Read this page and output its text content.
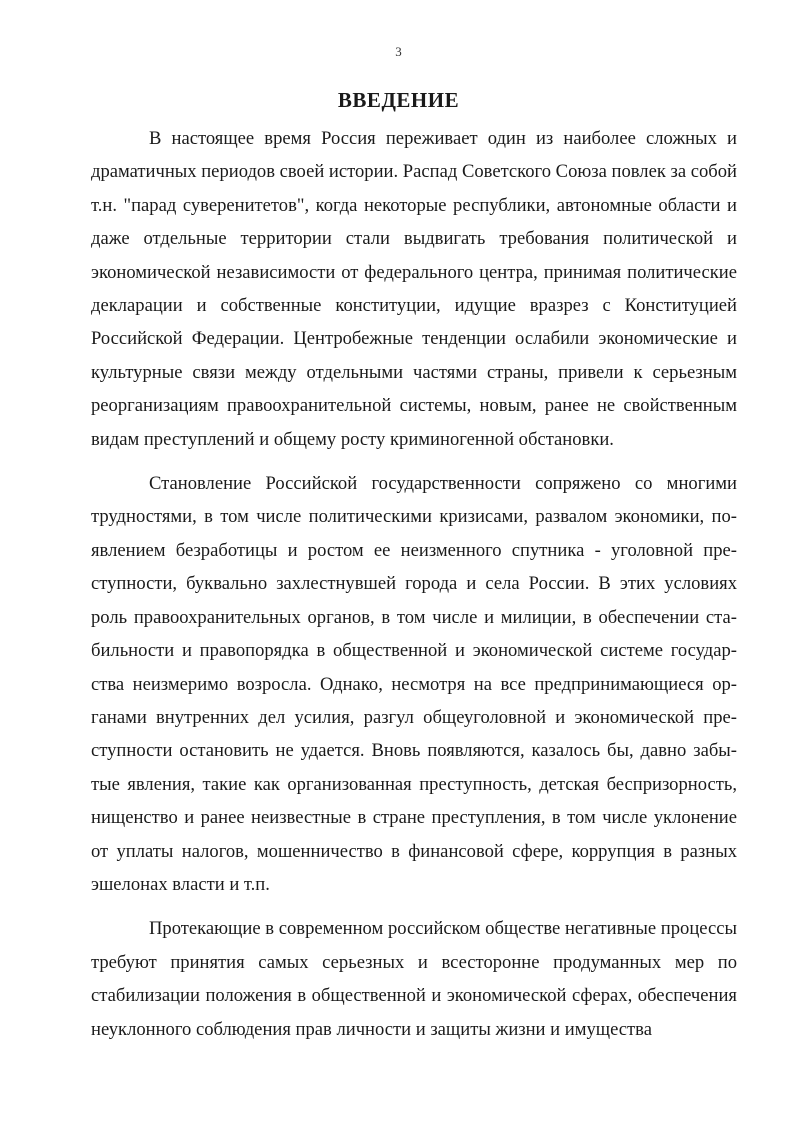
3
ВВЕДЕНИЕ

В настоящее время Россия переживает один из наиболее сложных и драматичных периодов своей истории. Распад Советского Союза повлек за собой т.н. "парад суверенитетов", когда некоторые республики, автономные области и даже отдельные территории стали выдвигать требования политической и экономической независимости от федерального центра, принимая политические декларации и собственные конституции, идущие вразрез с Конституцией Российской Федерации. Центробежные тенденции ослабили экономические и культурные связи между отдельными частями страны, привели к серьезным реорганизациям правоохранительной системы, новым, ранее не свойственным видам преступлений и общему росту криминогенной обстановки.

Становление Российской государственности сопряжено со многими трудностями, в том числе политическими кризисами, развалом экономики, появлением безработицы и ростом ее неизменного спутника - уголовной преступности, буквально захлестнувшей города и села России. В этих условиях роль правоохранительных органов, в том числе и милиции, в обеспечении стабильности и правопорядка в общественной и экономической системе государства неизмеримо возросла. Однако, несмотря на все предпринимающиеся органами внутренних дел усилия, разгул общеуголовной и экономической преступности остановить не удается. Вновь появляются, казалось бы, давно забытые явления, такие как организованная преступность, детская беспризорность, нищенство и ранее неизвестные в стране преступления, в том числе уклонение от уплаты налогов, мошенничество в финансовой сфере, коррупция в разных эшелонах власти и т.п.

Протекающие в современном российском обществе негативные процессы требуют принятия самых серьезных и всесторонне продуманных мер по стабилизации положения в общественной и экономической сферах, обеспечения неуклонного соблюдения прав личности и защиты жизни и имущества
